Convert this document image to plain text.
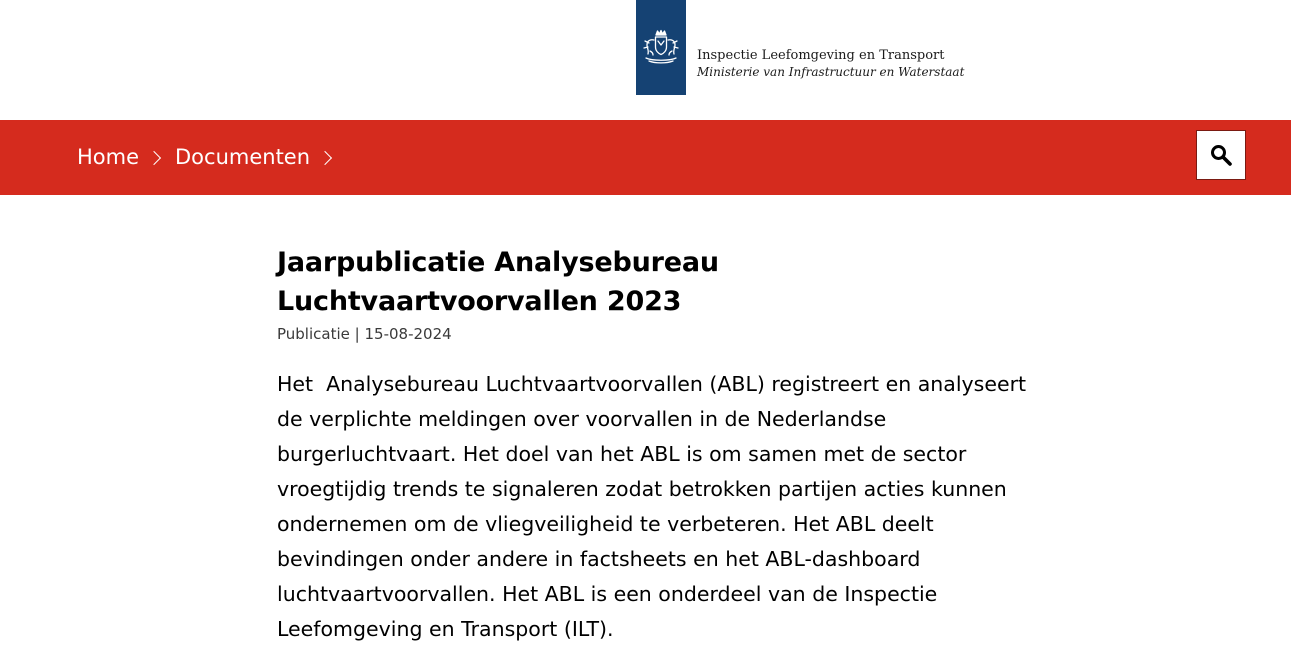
Inspectie Leefomgeving en Transport
Ministerie van Infrastructuur en Waterstaat
Home Documenten
Jaarpublicatie Analysebureau Luchtvaartvoorvallen 2023

Publicatie | 15-08-2024

Het  Analysebureau Luchtvaartvoorvallen (ABL) registreert en analyseert de verplichte meldingen over voorvallen in de Nederlandse burgerluchtvaart. Het doel van het ABL is om samen met de sector vroegtijdig trends te signaleren zodat betrokken partijen acties kunnen ondernemen om de vliegveiligheid te verbeteren. Het ABL deelt bevindingen onder andere in factsheets en het ABL-dashboard luchtvaartvoorvallen. Het ABL is een onderdeel van de Inspectie Leefomgeving en Transport (ILT).
